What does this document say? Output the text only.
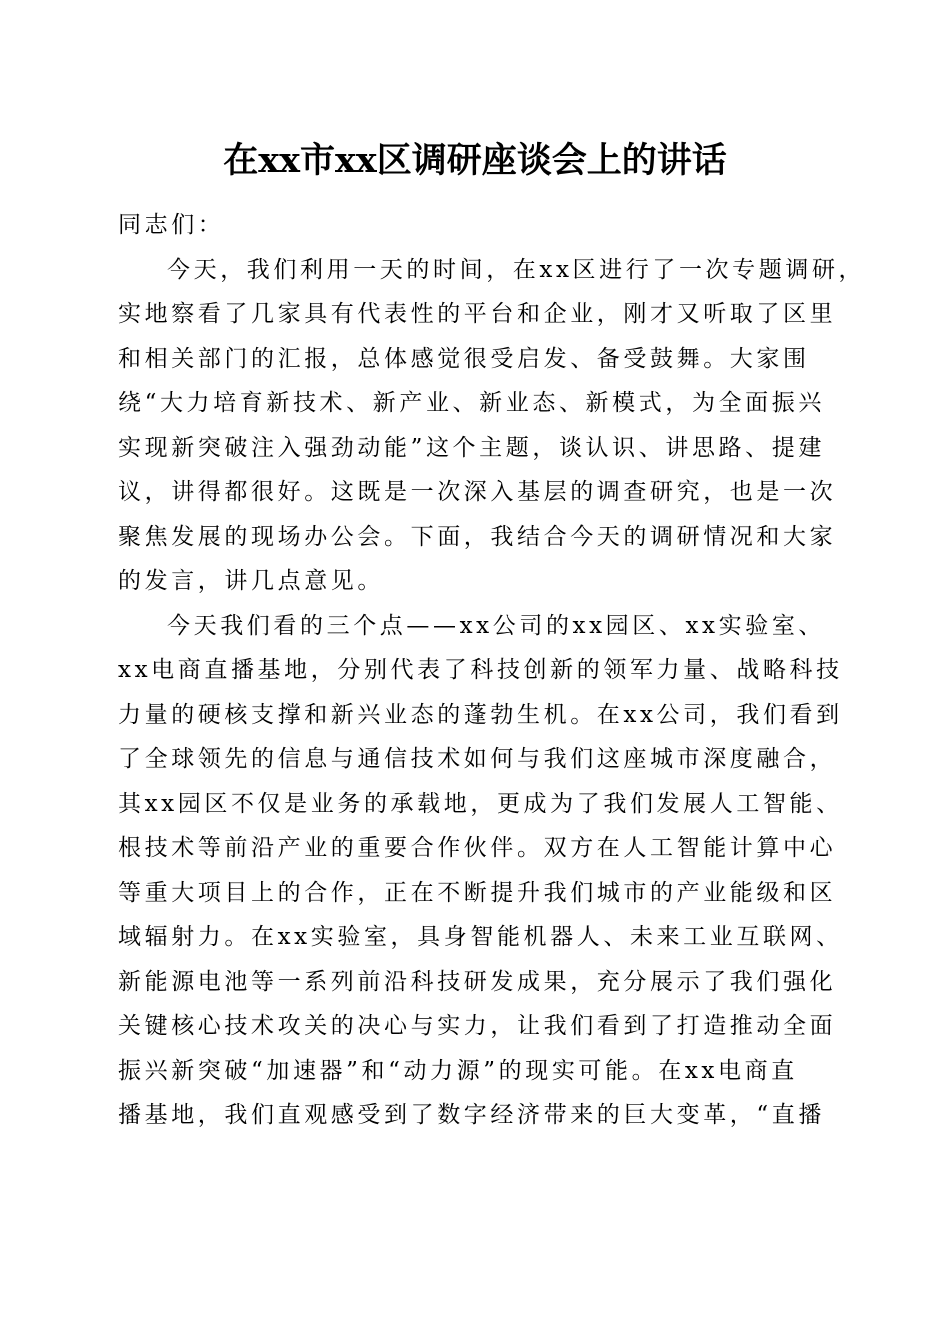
在xx市xx区调研座谈会上的讲话
同志们：
今天，我们利用一天的时间，在xx区进行了一次专题调研，
实地察看了几家具有代表性的平台和企业，刚才又听取了区里
和相关部门的汇报，总体感觉很受启发、备受鼓舞。大家围
绕“大力培育新技术、新产业、新业态、新模式，为全面振兴
实现新突破注入强劲动能”这个主题，谈认识、讲思路、提建
议，讲得都很好。这既是一次深入基层的调查研究，也是一次
聚焦发展的现场办公会。下面，我结合今天的调研情况和大家
的发言，讲几点意见。
今天我们看的三个点——xx公司的xx园区、xx实验室、
xx电商直播基地，分别代表了科技创新的领军力量、战略科技
力量的硬核支撑和新兴业态的蓬勃生机。在xx公司，我们看到
了全球领先的信息与通信技术如何与我们这座城市深度融合，
其xx园区不仅是业务的承载地，更成为了我们发展人工智能、
根技术等前沿产业的重要合作伙伴。双方在人工智能计算中心
等重大项目上的合作，正在不断提升我们城市的产业能级和区
域辐射力。在xx实验室，具身智能机器人、未来工业互联网、
新能源电池等一系列前沿科技研发成果，充分展示了我们强化
关键核心技术攻关的决心与实力，让我们看到了打造推动全面
振兴新突破“加速器”和“动力源”的现实可能。在xx电商直
播基地，我们直观感受到了数字经济带来的巨大变革，“直播
